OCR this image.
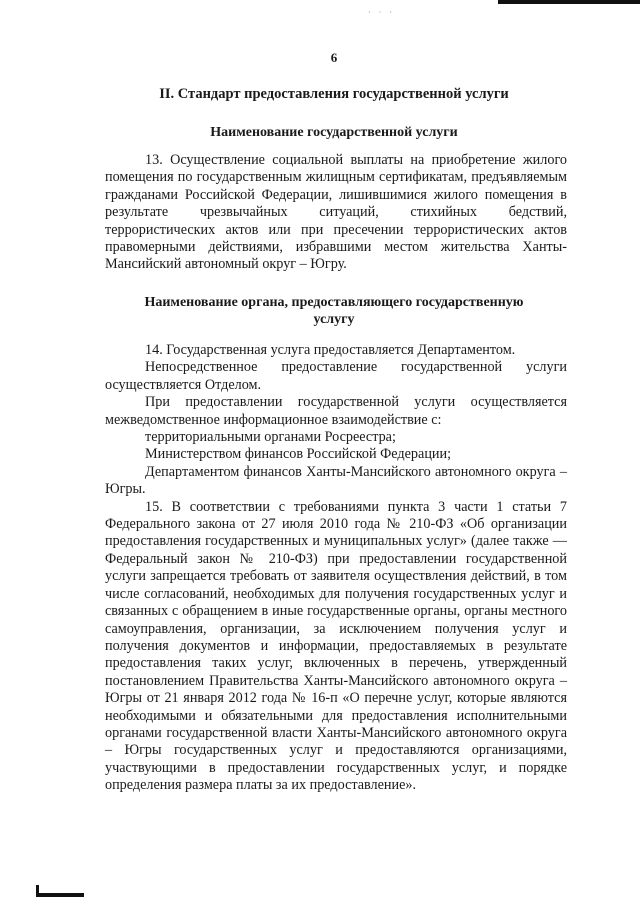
· · ·
6
II. Стандарт предоставления государственной услуги
Наименование государственной услуги

13. Осуществление социальной выплаты на приобретение жилого помещения по государственным жилищным сертификатам, предъявляемым гражданами Российской Федерации, лишившимися жилого помещения в результате чрезвычайных ситуаций, стихийных бедствий, террористических актов или при пресечении террористических актов правомерными действиями, избравшими местом жительства Ханты-Мансийский автономный округ – Югру.

Наименование органа, предоставляющего государственную услугу

14. Государственная услуга предоставляется Департаментом.

Непосредственное предоставление государственной услуги осуществляется Отделом.

При предоставлении государственной услуги осуществляется межведомственное информационное взаимодействие с:

территориальными органами Росреестра;

Министерством финансов Российской Федерации;

Департаментом финансов Ханты-Мансийского автономного округа – Югры.

15. В соответствии с требованиями пункта 3 части 1 статьи 7 Федерального закона от 27 июля 2010 года № 210-ФЗ «Об организации предоставления государственных и муниципальных услуг» (далее также — Федеральный закон № 210-ФЗ) при предоставлении государственной услуги запрещается требовать от заявителя осуществления действий, в том числе согласований, необходимых для получения государственных услуг и связанных с обращением в иные государственные органы, органы местного самоуправления, организации, за исключением получения услуг и получения документов и информации, предоставляемых в результате предоставления таких услуг, включенных в перечень, утвержденный постановлением Правительства Ханты-Мансийского автономного округа – Югры от 21 января 2012 года № 16-п «О перечне услуг, которые являются необходимыми и обязательными для предоставления исполнительными органами государственной власти Ханты-Мансийского автономного округа – Югры государственных услуг и предоставляются организациями, участвующими в предоставлении государственных услуг, и порядке определения размера платы за их предоставление».
